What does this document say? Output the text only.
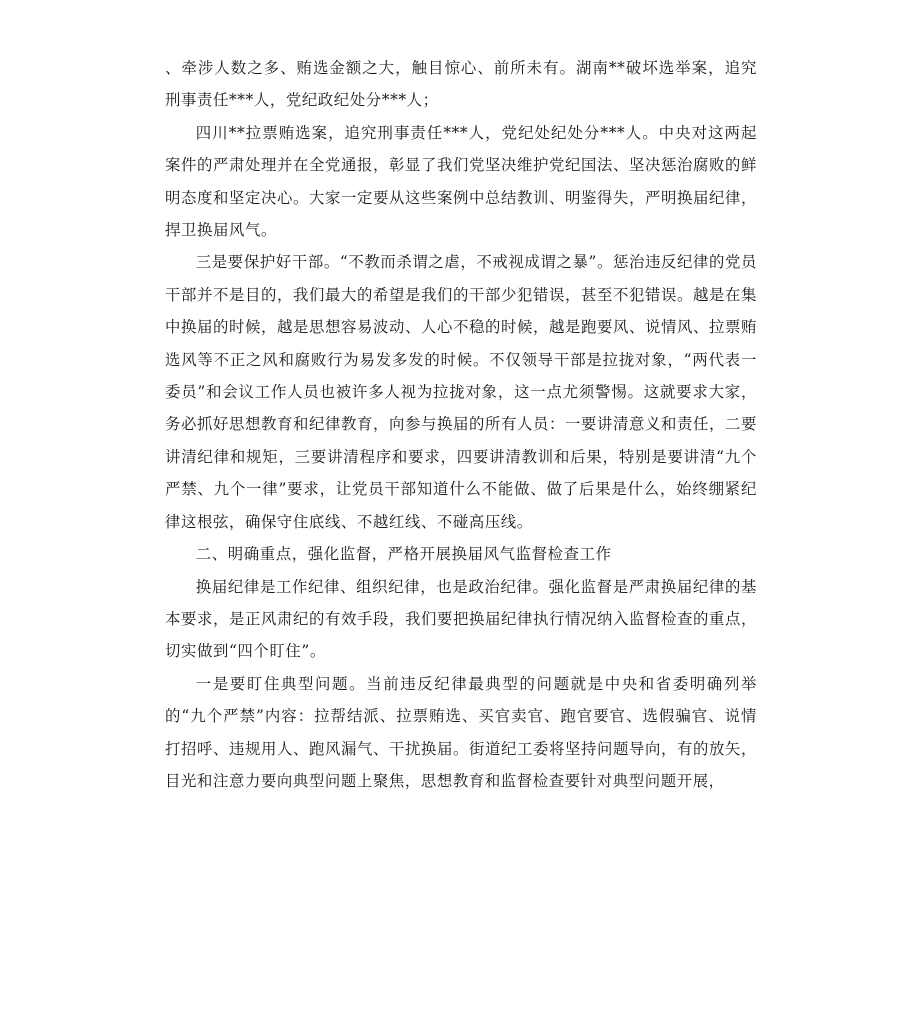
、牵涉人数之多、贿选金额之大，触目惊心、前所未有。湖南**破坏选举案，追究刑事责任***人，党纪政纪处分***人；

四川**拉票贿选案，追究刑事责任***人，党纪处纪处分***人。中央对这两起案件的严肃处理并在全党通报，彰显了我们党坚决维护党纪国法、坚决惩治腐败的鲜明态度和坚定决心。大家一定要从这些案例中总结教训、明鉴得失，严明换届纪律，捍卫换届风气。

三是要保护好干部。“不教而杀谓之虐，不戒视成谓之暴”。惩治违反纪律的党员干部并不是目的，我们最大的希望是我们的干部少犯错误，甚至不犯错误。越是在集中换届的时候，越是思想容易波动、人心不稳的时候，越是跑要风、说情风、拉票贿选风等不正之风和腐败行为易发多发的时候。不仅领导干部是拉拢对象，“两代表一委员”和会议工作人员也被许多人视为拉拢对象，这一点尤须警惕。这就要求大家，务必抓好思想教育和纪律教育，向参与换届的所有人员：一要讲清意义和责任，二要讲清纪律和规矩，三要讲清程序和要求，四要讲清教训和后果，特别是要讲清“九个严禁、九个一律”要求，让党员干部知道什么不能做、做了后果是什么，始终绷紧纪律这根弦，确保守住底线、不越红线、不碰高压线。

二、明确重点，强化监督，严格开展换届风气监督检查工作

换届纪律是工作纪律、组织纪律，也是政治纪律。强化监督是严肃换届纪律的基本要求，是正风肃纪的有效手段，我们要把换届纪律执行情况纳入监督检查的重点，切实做到“四个盯住”。

一是要盯住典型问题。当前违反纪律最典型的问题就是中央和省委明确列举的“九个严禁”内容：拉帮结派、拉票贿选、买官卖官、跑官要官、选假骗官、说情打招呼、违规用人、跑风漏气、干扰换届。街道纪工委将坚持问题导向，有的放矢，目光和注意力要向典型问题上聚焦，思想教育和监督检查要针对典型问题开展，
